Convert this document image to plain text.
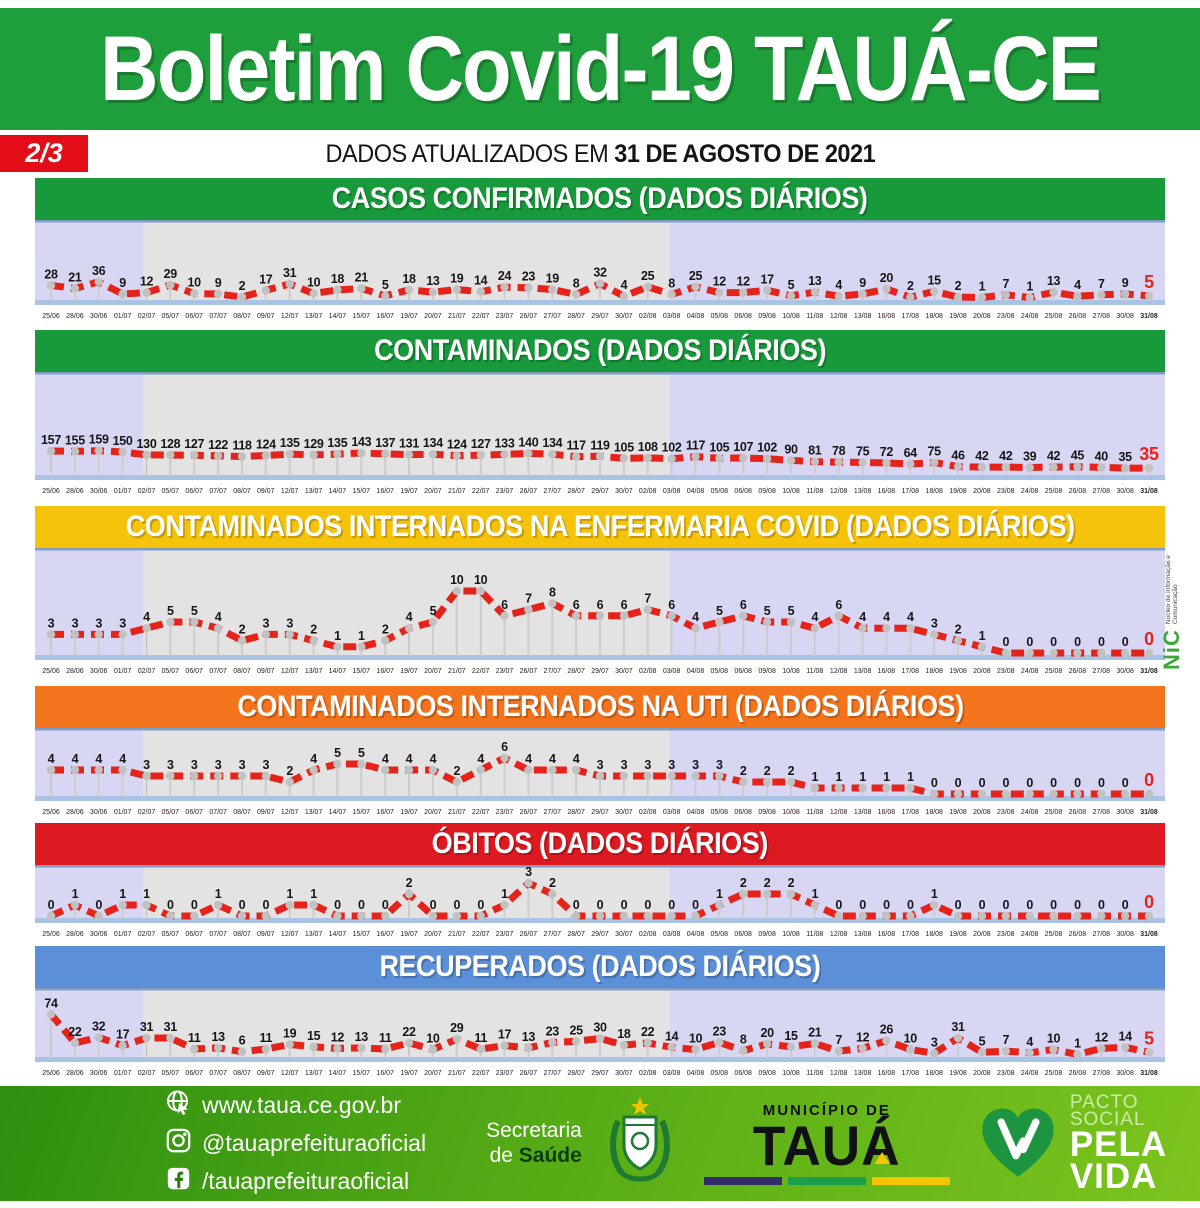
Boletim Covid-19 TAUÁ-CE
2/3	DADOS ATUALIZADOS EM 31 DE AGOSTO DE 2021
CASOS CONFIRMADOS (DADOS DIÁRIOS)
28 21 36
9 12
29
10 9 2 17 31
10 18 21
5 18 13 19 14 24 23 19 8
32
4
25
8
25 12 12 17 5 13 4 9 20
2 15 2 1 7 1 13 4 7 9 5
25/06 28/06 30/06 01/07 02/07 05/07 06/07 07/07 08/07 09/07 12/07 13/07 14/07 15/07 16/07 19/07 20/07 21/07 22/07 23/07 26/07 27/07 28/07 29/07 30/07 02/08 03/08 04/08 05/08 06/08 09/08 10/08 11/08 12/08 13/08 16/08 17/08 18/08 19/08 20/08 23/08 24/08 25/08 26/08 27/08 30/08 31/08
CONTAMINADOS (DADOS DIÁRIOS)
157 155 159 150 130 128 127 122 118 124 135 129 135 143 137 131 134 124 127 133 140 134 117 119 105 108 102 117 105 107 102 90 81 78 75 72 64 75 46 42 42 39 42 45 40 35 35
25/06 28/06 30/06 01/07 02/07 05/07 06/07 07/07 08/07 09/07 12/07 13/07 14/07 15/07 16/07 19/07 20/07 21/07 22/07 23/07 26/07 27/07 28/07 29/07 30/07 02/08 03/08 04/08 05/08 06/08 09/08 10/08 11/08 12/08 13/08 16/08 17/08 18/08 19/08 20/08 23/08 24/08 25/08 26/08 27/08 30/08 31/08
CONTAMINADOS INTERNADOS NA ENFERMARIA COVID (DADOS DIÁRIOS)
3 3 3 3 4 5 5 4
2 3 3 2 1 1 2
4 5
10 10
6 7 8
6 6 6 7 6
4 5 6 5 5 4
6
4 4 4 3 2 1 0 0 0 0 0 0 0
25/06 28/06 30/06 01/07 02/07 05/07 06/07 07/07 08/07 09/07 12/07 13/07 14/07 15/07 16/07 19/07 20/07 21/07 22/07 23/07 26/07 27/07 28/07 29/07 30/07 02/08 03/08 04/08 05/08 06/08 09/08 10/08 11/08 12/08 13/08 16/08 17/08 18/08 19/08 20/08 23/08 24/08 25/08 26/08 27/08 30/08 31/08
CONTAMINADOS INTERNADOS NA UTI (DADOS DIÁRIOS)
4 4 4 4 3 3 3 3 3 3 2
4 5 5 4 4 4
2
4
6
4 4 4 3 3 3 3 3 3 2 2 2 1 1 1 1 1 0 0 0 0 0 0 0 0 0 0
25/06 28/06 30/06 01/07 02/07 05/07 06/07 07/07 08/07 09/07 12/07 13/07 14/07 15/07 16/07 19/07 20/07 21/07 22/07 23/07 26/07 27/07 28/07 29/07 30/07 02/08 03/08 04/08 05/08 06/08 09/08 10/08 11/08 12/08 13/08 16/08 17/08 18/08 19/08 20/08 23/08 24/08 25/08 26/08 27/08 30/08 31/08
ÓBITOS (DADOS DIÁRIOS)
0
1
0
1 1
0 0
1
0 0
1 1
0 0 0
2
0 0 0
1
3
2
0 0 0 0 0 0
1
2 2 2
1
0 0 0 0
1
0 0 0 0 0 0 0 0 0
25/06 28/06 30/06 01/07 02/07 05/07 06/07 07/07 08/07 09/07 12/07 13/07 14/07 15/07 16/07 19/07 20/07 21/07 22/07 23/07 26/07 27/07 28/07 29/07 30/07 02/08 03/08 04/08 05/08 06/08 09/08 10/08 11/08 12/08 13/08 16/08 17/08 18/08 19/08 20/08 23/08 24/08 25/08 26/08 27/08 30/08 31/08
RECUPERADOS (DADOS DIÁRIOS)
74
22 32
17
31 31
11 13 6 11 19 15 12 13 11 22 10
29
11 17 13 23 25 30 18 22 14 10
23
8 20 15 21
7 12
26
10 3
31
5 7 4 10 1 12 14 5
25/06 28/06 30/06 01/07 02/07 05/07 06/07 07/07 08/07 09/07 12/07 13/07 14/07 15/07 16/07 19/07 20/07 21/07 22/07 23/07 26/07 27/07 28/07 29/07 30/07 02/08 03/08 04/08 05/08 06/08 09/08 10/08 11/08 12/08 13/08 16/08 17/08 18/08 19/08 20/08 23/08 24/08 25/08 26/08 27/08 30/08 31/08
www.taua.ce.gov.br
@tauaprefeituraoficial
/tauaprefeituraoficial
Secretaria
de Saúde
MUNICÍPIO DE
TAUÁ
PACTO SOCIAL
PELA
VIDA
NiC
Núcleo de Informação e Comunicação
